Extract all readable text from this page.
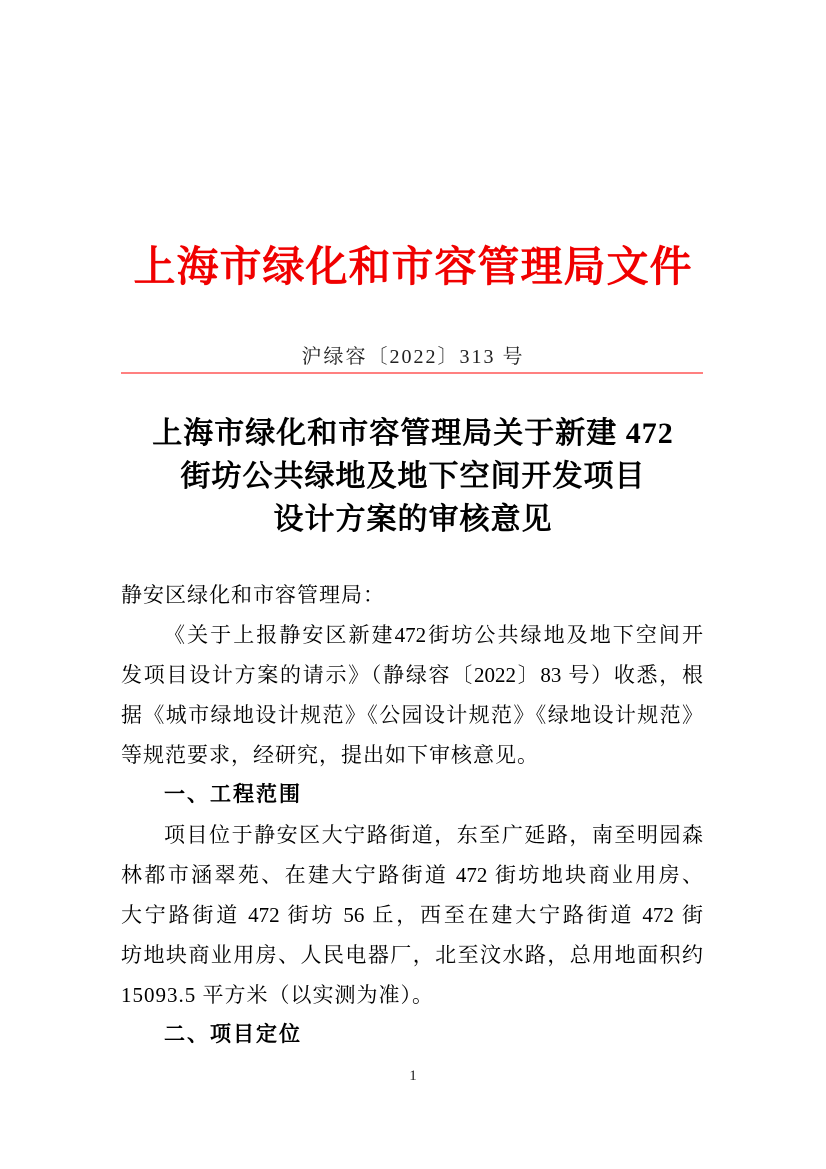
上海市绿化和市容管理局文件
沪绿容〔2022〕313 号
上海市绿化和市容管理局关于新建 472
街坊公共绿地及地下空间开发项目
设计方案的审核意见
静安区绿化和市容管理局：
《关于上报静安区新建472街坊公共绿地及地下空间开
发项目设计方案的请示》（静绿容〔2022〕83 号）收悉，根
据《城市绿地设计规范》《公园设计规范》《绿地设计规范》
等规范要求，经研究，提出如下审核意见。
一、工程范围
项目位于静安区大宁路街道，东至广延路，南至明园森
林都市涵翠苑、在建大宁路街道 472 街坊地块商业用房、
大宁路街道 472 街坊 56 丘，西至在建大宁路街道 472 街
坊地块商业用房、人民电器厂，北至汶水路，总用地面积约
15093.5 平方米（以实测为准）。
二、项目定位
1
